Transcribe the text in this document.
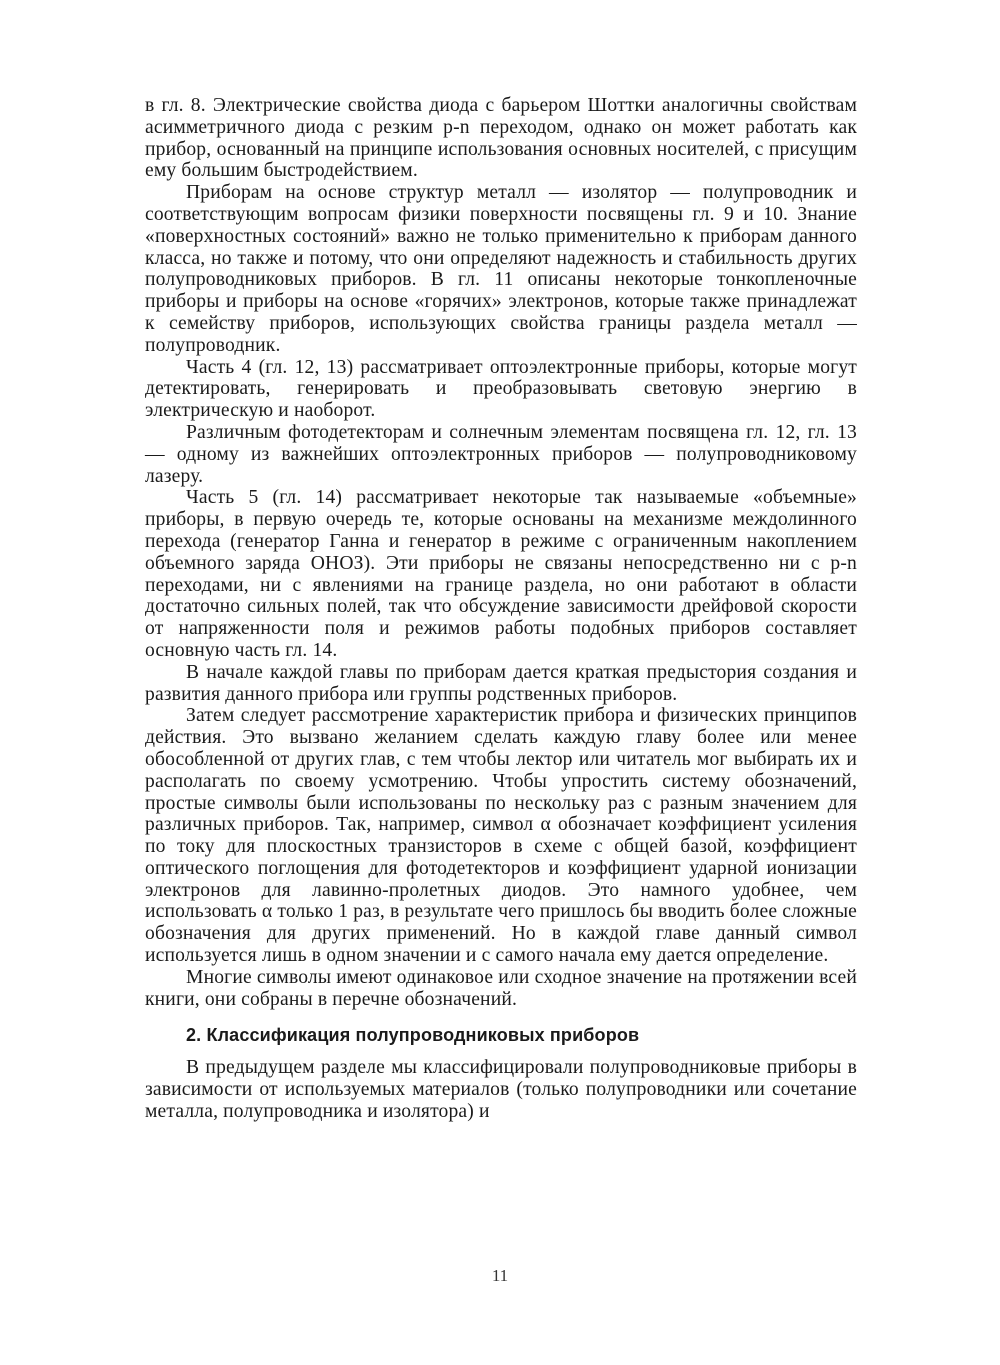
в гл. 8. Электрические свойства диода с барьером Шоттки аналогичны свойствам асимметричного диода с резким p-n переходом, однако он может работать как прибор, основанный на принципе использования основных носителей, с присущим ему большим быстродействием.

Приборам на основе структур металл — изолятор — полупроводник и соответствующим вопросам физики поверхности посвящены гл. 9 и 10. Знание «поверхностных состояний» важно не только применительно к приборам данного класса, но также и потому, что они определяют надежность и стабильность других полупроводниковых приборов. В гл. 11 описаны некоторые тонкопленочные приборы и приборы на основе «горячих» электронов, которые также принадлежат к семейству приборов, использующих свойства границы раздела металл — полупроводник.

Часть 4 (гл. 12, 13) рассматривает оптоэлектронные приборы, которые могут детектировать, генерировать и преобразовывать световую энергию в электрическую и наоборот.

Различным фотодетекторам и солнечным элементам посвящена гл. 12, гл. 13 — одному из важнейших оптоэлектронных приборов — полупроводниковому лазеру.

Часть 5 (гл. 14) рассматривает некоторые так называемые «объемные» приборы, в первую очередь те, которые основаны на механизме междолинного перехода (генератор Ганна и генератор в режиме с ограниченным накоплением объемного заряда ОНОЗ). Эти приборы не связаны непосредственно ни с p-n переходами, ни с явлениями на границе раздела, но они работают в области достаточно сильных полей, так что обсуждение зависимости дрейфовой скорости от напряженности поля и режимов работы подобных приборов составляет основную часть гл. 14.

В начале каждой главы по приборам дается краткая предыстория создания и развития данного прибора или группы родственных приборов.

Затем следует рассмотрение характеристик прибора и физических принципов действия. Это вызвано желанием сделать каждую главу более или менее обособленной от других глав, с тем чтобы лектор или читатель мог выбирать их и располагать по своему усмотрению. Чтобы упростить систему обозначений, простые символы были использованы по нескольку раз с разным значением для различных приборов. Так, например, символ α обозначает коэффициент усиления по току для плоскостных транзисторов в схеме с общей базой, коэффициент оптического поглощения для фотодетекторов и коэффициент ударной ионизации электронов для лавинно-пролетных диодов. Это намного удобнее, чем использовать α только 1 раз, в результате чего пришлось бы вводить более сложные обозначения для других применений. Но в каждой главе данный символ используется лишь в одном значении и с самого начала ему дается определение.

Многие символы имеют одинаковое или сходное значение на протяжении всей книги, они собраны в перечне обозначений.

2. Классификация полупроводниковых приборов

В предыдущем разделе мы классифицировали полупроводниковые приборы в зависимости от используемых материалов (только полупроводники или сочетание металла, полупроводника и изолятора) и

11
